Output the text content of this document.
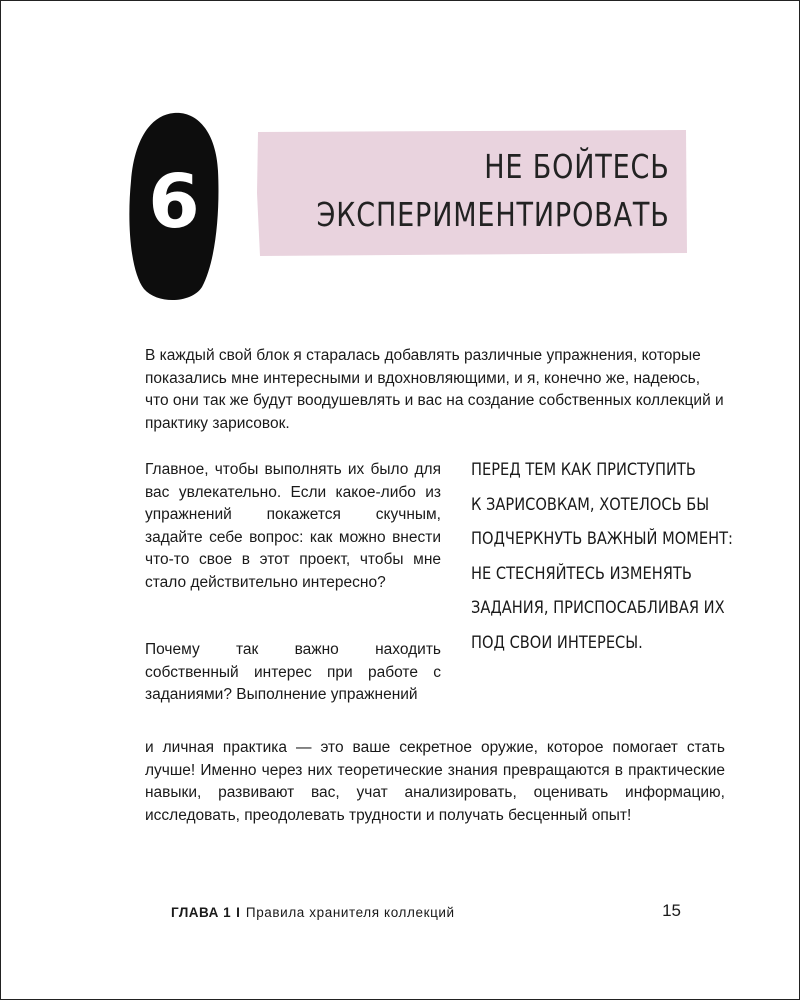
6	НЕ БОЙТЕСЬ
ЭКСПЕРИМЕНТИРОВАТЬ

В каждый свой блок я старалась добавлять различные упражнения, которые показались мне интересными и вдохновляющими, и я, конечно же, надеюсь, что они так же будут воодушевлять и вас на создание собственных коллекций и практику зарисовок.

Главное, чтобы выполнять их было для вас увлекательно. Если какое-либо из упражнений покажется скучным, задайте себе вопрос: как можно внести что-то свое в этот проект, чтобы мне стало действительно интересно?

Почему так важно находить собственный интерес при работе с заданиями? Выполнение упражнений

ПЕРЕД ТЕМ КАК ПРИСТУПИТЬ
К ЗАРИСОВКАМ, ХОТЕЛОСЬ БЫ
ПОДЧЕРКНУТЬ ВАЖНЫЙ МОМЕНТ:
НЕ СТЕСНЯЙТЕСЬ ИЗМЕНЯТЬ
ЗАДАНИЯ, ПРИСПОСАБЛИВАЯ ИХ
ПОД СВОИ ИНТЕРЕСЫ.

и личная практика — это ваше секретное оружие, которое помогает стать лучше! Именно через них теоретические знания превращаются в практические навыки, развивают вас, учат анализировать, оценивать информацию, исследовать, преодолевать трудности и получать бесценный опыт!

ГЛАВА 1 I Правила хранителя коллекций	15
